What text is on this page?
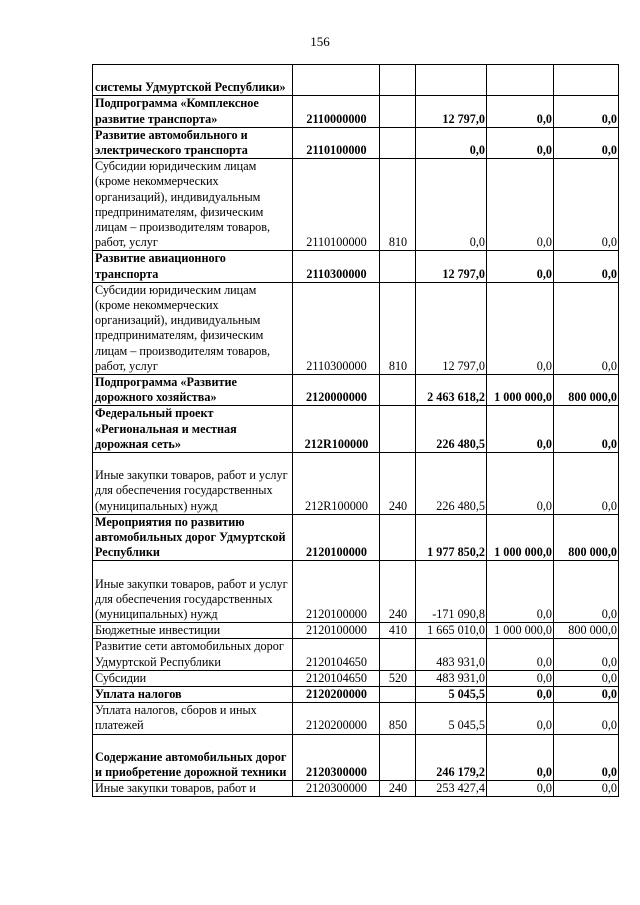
156
системы Удмуртской Республики»					
Подпрограмма «Комплексное развитие транспорта»	2110000000		12 797,0	0,0	0,0
Развитие автомобильного и электрического транспорта	2110100000		0,0	0,0	0,0
Субсидии юридическим лицам (кроме некоммерческих организаций), индивидуальным предпринимателям, физическим лицам – производителям товаров, работ, услуг	2110100000	810	0,0	0,0	0,0
Развитие авиационного транспорта	2110300000		12 797,0	0,0	0,0
Субсидии юридическим лицам (кроме некоммерческих организаций), индивидуальным предпринимателям, физическим лицам – производителям товаров, работ, услуг	2110300000	810	12 797,0	0,0	0,0
Подпрограмма «Развитие дорожного хозяйства»	2120000000		2 463 618,2	1 000 000,0	800 000,0
Федеральный проект «Региональная и местная дорожная сеть»	212R100000		226 480,5	0,0	0,0
Иные закупки товаров, работ и услуг для обеспечения государственных (муниципальных) нужд	212R100000	240	226 480,5	0,0	0,0
Мероприятия по развитию автомобильных дорог Удмуртской Республики	2120100000		1 977 850,2	1 000 000,0	800 000,0
Иные закупки товаров, работ и услуг для обеспечения государственных (муниципальных) нужд	2120100000	240	-171 090,8	0,0	0,0
Бюджетные инвестиции	2120100000	410	1 665 010,0	1 000 000,0	800 000,0
Развитие сети автомобильных дорог Удмуртской Республики	2120104650		483 931,0	0,0	0,0
Субсидии	2120104650	520	483 931,0	0,0	0,0
Уплата налогов	2120200000		5 045,5	0,0	0,0
Уплата налогов, сборов и иных платежей	2120200000	850	5 045,5	0,0	0,0
Содержание автомобильных дорог и приобретение дорожной техники	2120300000		246 179,2	0,0	0,0
Иные закупки товаров, работ и	2120300000	240	253 427,4	0,0	0,0
